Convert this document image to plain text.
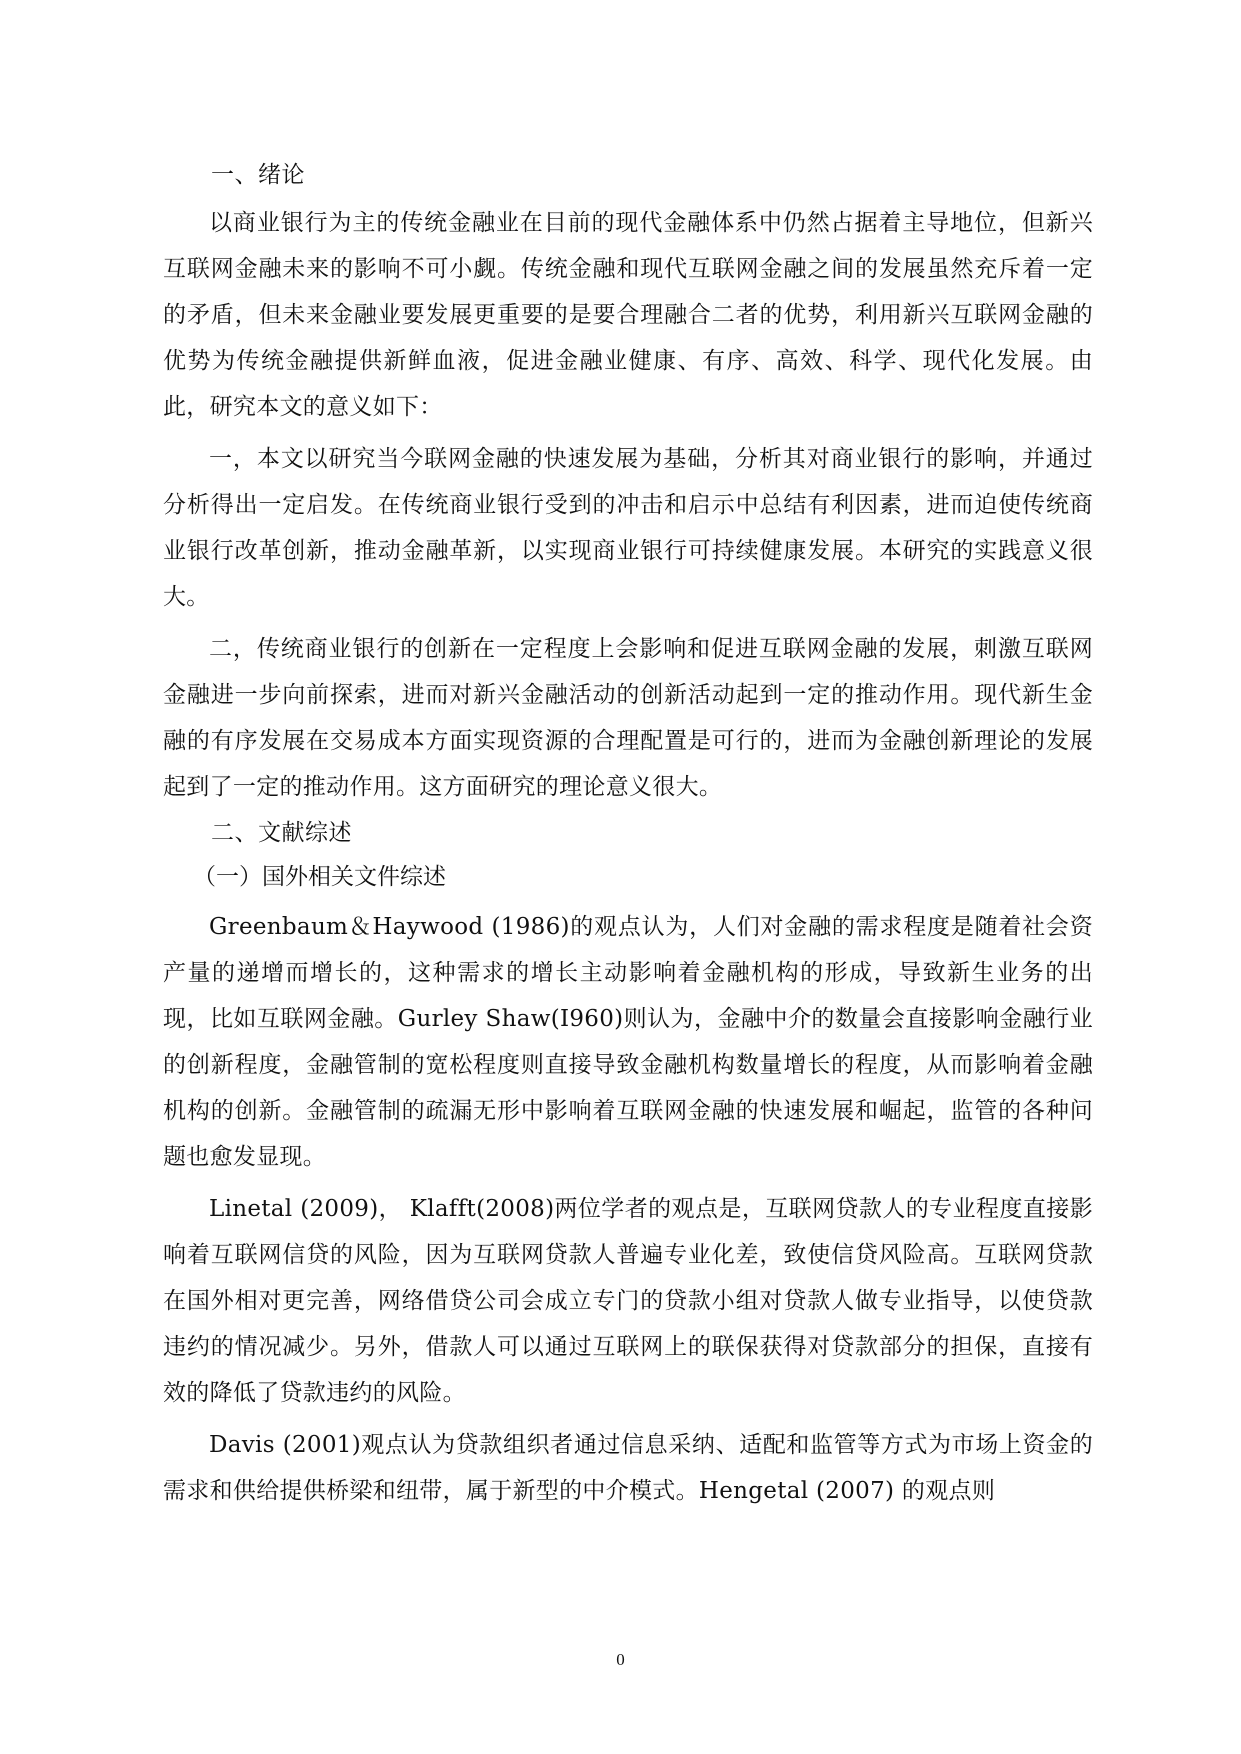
一、绪论

以商业银行为主的传统金融业在目前的现代金融体系中仍然占据着主导地位，但新兴互联网金融未来的影响不可小觑。传统金融和现代互联网金融之间的发展虽然充斥着一定的矛盾，但未来金融业要发展更重要的是要合理融合二者的优势，利用新兴互联网金融的优势为传统金融提供新鲜血液，促进金融业健康、有序、高效、科学、现代化发展。由此，研究本文的意义如下：

一，本文以研究当今联网金融的快速发展为基础，分析其对商业银行的影响，并通过分析得出一定启发。在传统商业银行受到的冲击和启示中总结有利因素，进而迫使传统商业银行改革创新，推动金融革新，以实现商业银行可持续健康发展。本研究的实践意义很大。

二，传统商业银行的创新在一定程度上会影响和促进互联网金融的发展，刺激互联网金融进一步向前探索，进而对新兴金融活动的创新活动起到一定的推动作用。现代新生金融的有序发展在交易成本方面实现资源的合理配置是可行的，进而为金融创新理论的发展起到了一定的推动作用。这方面研究的理论意义很大。

二、文献综述
（一）国外相关文件综述

Greenbaum＆Haywood (1986)的观点认为，人们对金融的需求程度是随着社会资产量的递增而增长的，这种需求的增长主动影响着金融机构的形成，导致新生业务的出现，比如互联网金融。Gurley Shaw(I960)则认为，金融中介的数量会直接影响金融行业的创新程度，金融管制的宽松程度则直接导致金融机构数量增长的程度，从而影响着金融机构的创新。金融管制的疏漏无形中影响着互联网金融的快速发展和崛起，监管的各种问题也愈发显现。

Linetal (2009)， Klafft(2008)两位学者的观点是，互联网贷款人的专业程度直接影响着互联网信贷的风险，因为互联网贷款人普遍专业化差，致使信贷风险高。互联网贷款在国外相对更完善，网络借贷公司会成立专门的贷款小组对贷款人做专业指导，以使贷款违约的情况减少。另外，借款人可以通过互联网上的联保获得对贷款部分的担保，直接有效的降低了贷款违约的风险。

Davis (2001)观点认为贷款组织者通过信息采纳、适配和监管等方式为市场上资金的需求和供给提供桥梁和纽带，属于新型的中介模式。Hengetal (2007) 的观点则

0
